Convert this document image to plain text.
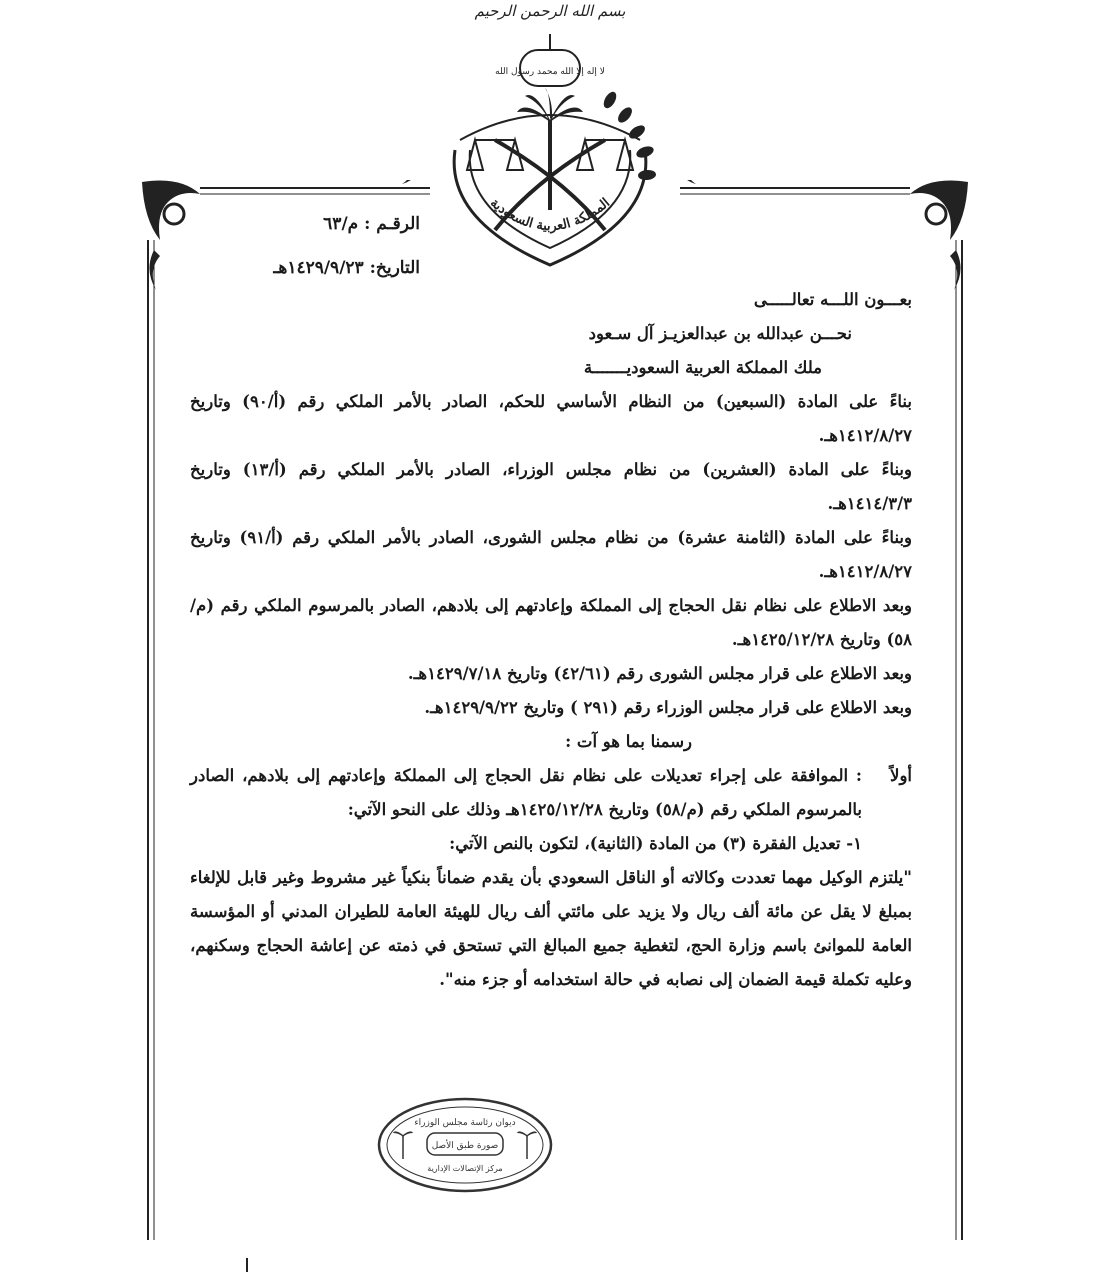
بسم الله الرحمن الرحيم
لا إله إلا الله محمد رسول الله
المملكة العربية السعودية
الرقـم : م/٦٣
التاريخ: ١٤٢٩/٩/٢٣هـ

بعـــون اللـــه تعالـــــى

نحـــن عبدالله بن عبدالعزيـز آل سـعود

ملك المملكة العربية السعوديـــــــة

بناءً على المادة (السبعين) من النظام الأساسي للحكم، الصادر بالأمر الملكي رقم (أ/٩٠) وتاريخ ١٤١٢/٨/٢٧هـ.

وبناءً على المادة (العشرين) من نظام مجلس الوزراء، الصادر بالأمر الملكي رقم (أ/١٣) وتاريخ ١٤١٤/٣/٣هـ.

وبناءً على المادة (الثامنة عشرة) من نظام مجلس الشورى، الصادر بالأمر الملكي رقم (أ/٩١) وتاريخ ١٤١٢/٨/٢٧هـ.

وبعد الاطلاع على نظام نقل الحجاج إلى المملكة وإعادتهم إلى بلادهم، الصادر بالمرسوم الملكي رقم (م/٥٨) وتاريخ ١٤٢٥/١٢/٢٨هـ.

وبعد الاطلاع على قرار مجلس الشورى رقم (٤٢/٦١) وتاريخ ١٤٢٩/٧/١٨هـ.

وبعد الاطلاع على قرار مجلس الوزراء رقم (٢٩١ ) وتاريخ ١٤٢٩/٩/٢٢هـ.

رسمنا بما هو آت :

أولاً

: الموافقة على إجراء تعديلات على نظام نقل الحجاج إلى المملكة وإعادتهم إلى بلادهم، الصادر بالمرسوم الملكي رقم (م/٥٨) وتاريخ ١٤٢٥/١٢/٢٨هـ وذلك على النحو الآتي:

١- تعديل الفقرة (٣) من المادة (الثانية)، لتكون بالنص الآتي:

"يلتزم الوكيل مهما تعددت وكالاته أو الناقل السعودي بأن يقدم ضماناً بنكياً غير مشروط وغير قابل للإلغاء بمبلغ لا يقل عن مائة ألف ريال ولا يزيد على مائتي ألف ريال للهيئة العامة للطيران المدني أو المؤسسة العامة للموانئ باسم وزارة الحج، لتغطية جميع المبالغ التي تستحق في ذمته عن إعاشة الحجاج وسكنهم، وعليه تكملة قيمة الضمان إلى نصابه في حالة استخدامه أو جزء منه".

ديوان رئاسة مجلس الوزراء
صورة طبق الأصل
مركز الإتصالات الإدارية
